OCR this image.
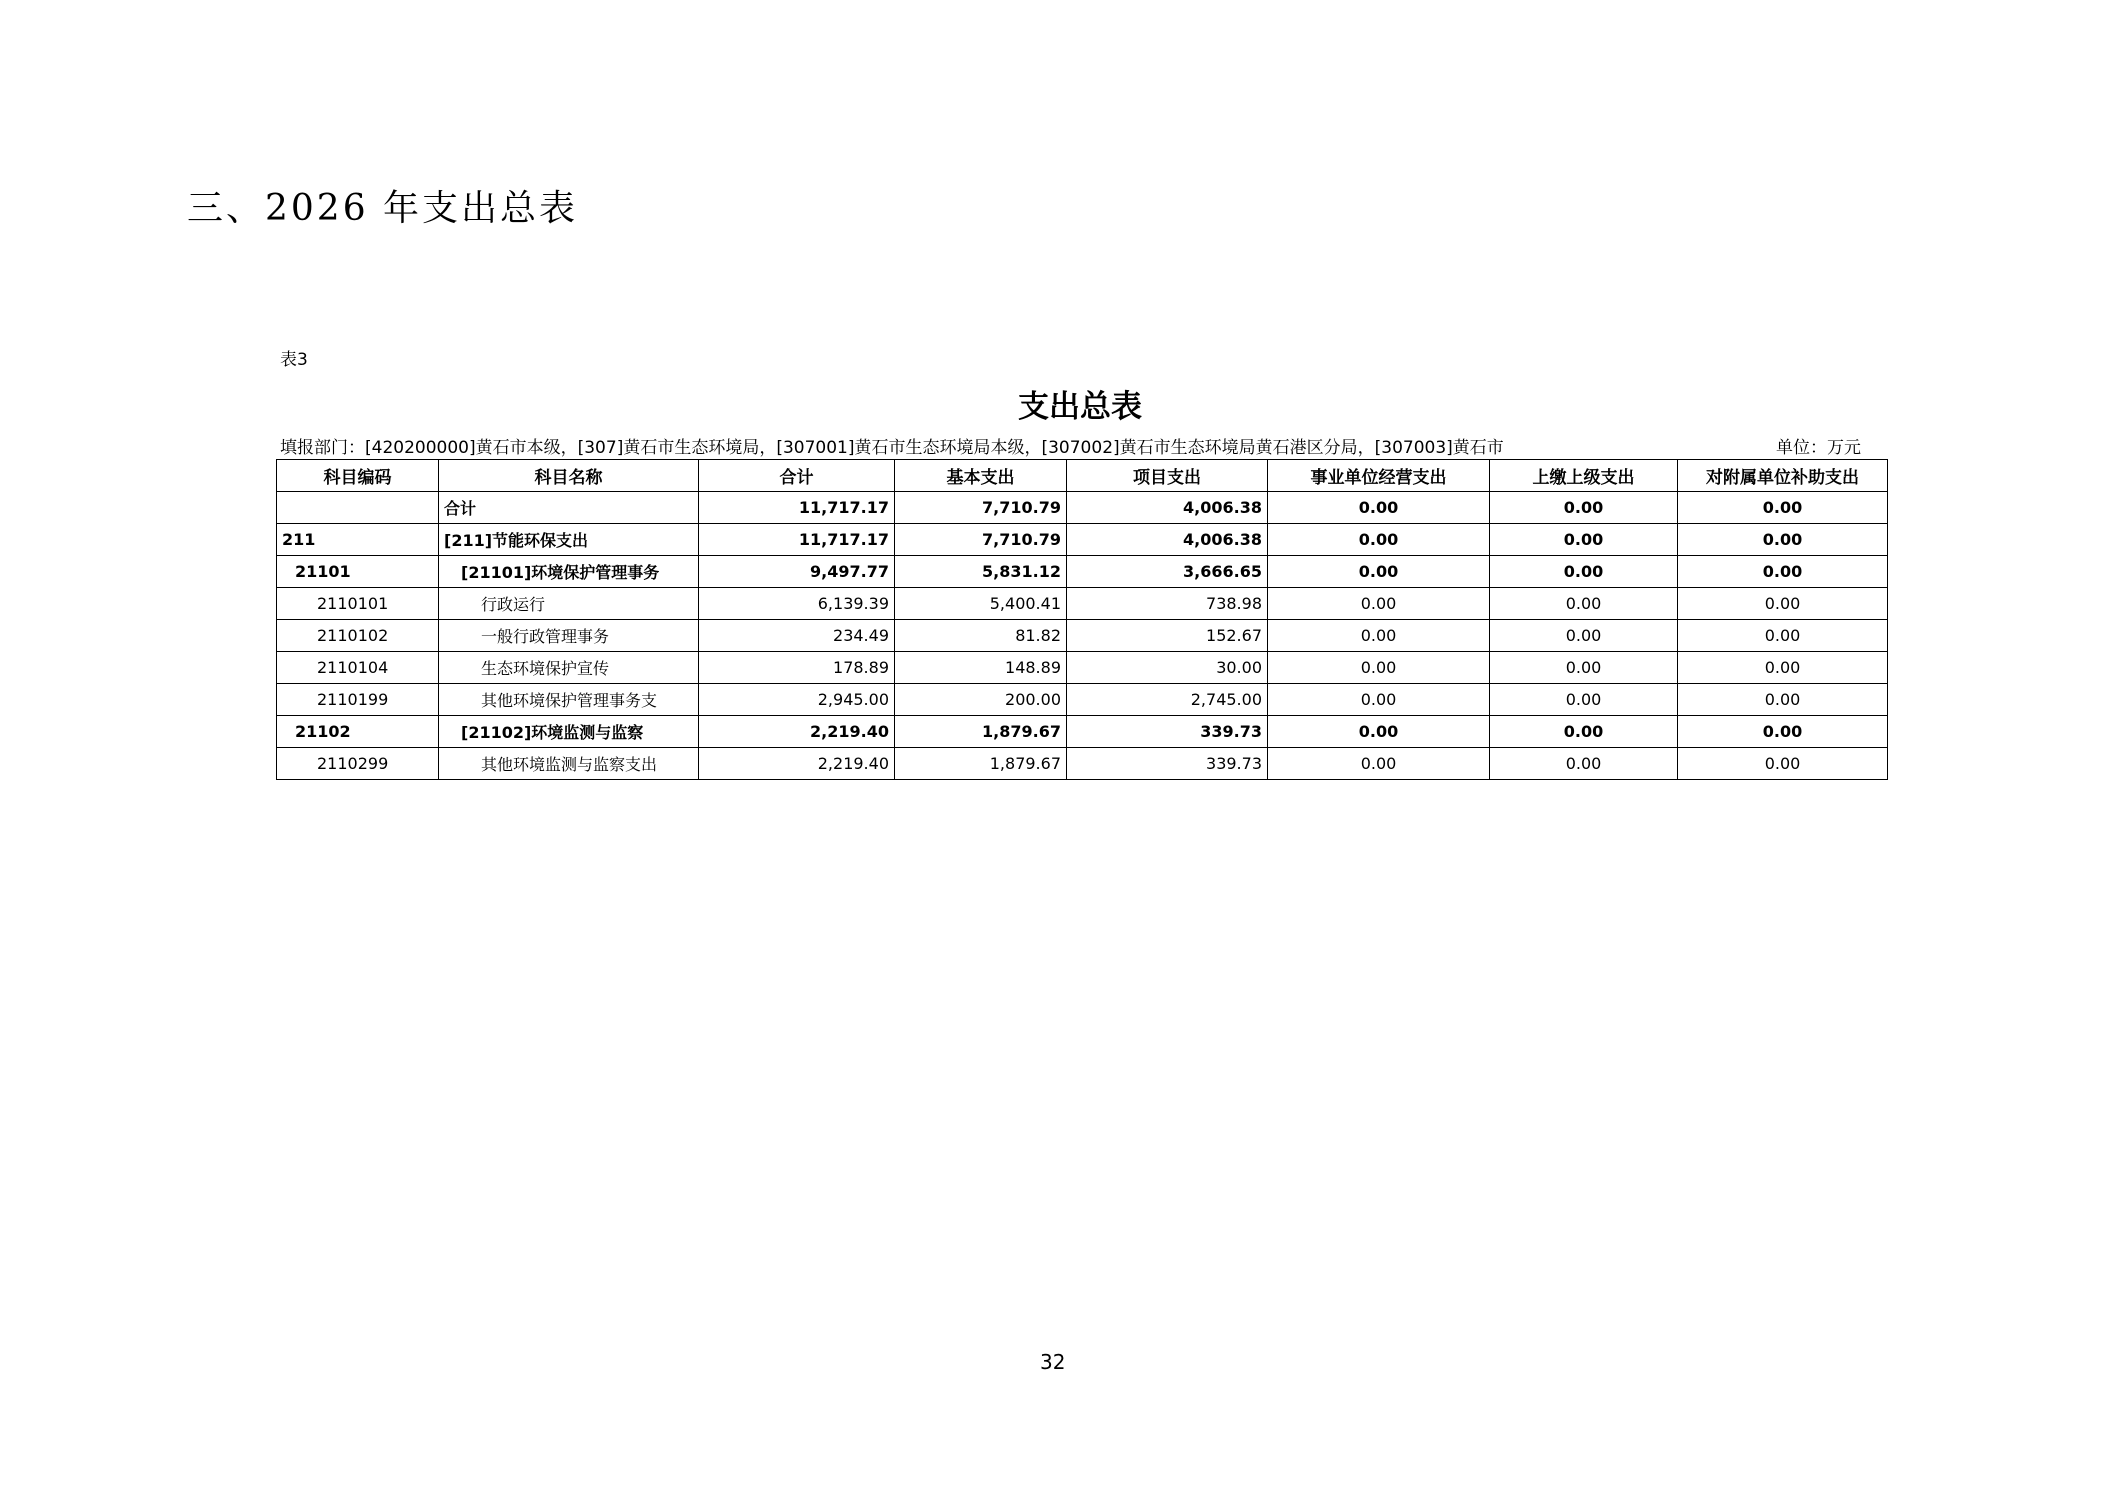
三、2026 年支出总表
表3
支出总表
填报部门：[420200000]黄石市本级，[307]黄石市生态环境局，[307001]黄石市生态环境局本级，[307002]黄石市生态环境局黄石港区分局，[307003]黄石市	单位：万元
科目编码	科目名称	合计	基本支出	项目支出	事业单位经营支出	上缴上级支出	对附属单位补助支出
	合计	11,717.17	7,710.79	4,006.38	0.00	0.00	0.00
211	[211]节能环保支出	11,717.17	7,710.79	4,006.38	0.00	0.00	0.00
21101	[21101]环境保护管理事务	9,497.77	5,831.12	3,666.65	0.00	0.00	0.00
2110101	行政运行	6,139.39	5,400.41	738.98	0.00	0.00	0.00
2110102	一般行政管理事务	234.49	81.82	152.67	0.00	0.00	0.00
2110104	生态环境保护宣传	178.89	148.89	30.00	0.00	0.00	0.00
2110199	其他环境保护管理事务支	2,945.00	200.00	2,745.00	0.00	0.00	0.00
21102	[21102]环境监测与监察	2,219.40	1,879.67	339.73	0.00	0.00	0.00
2110299	其他环境监测与监察支出	2,219.40	1,879.67	339.73	0.00	0.00	0.00
32
